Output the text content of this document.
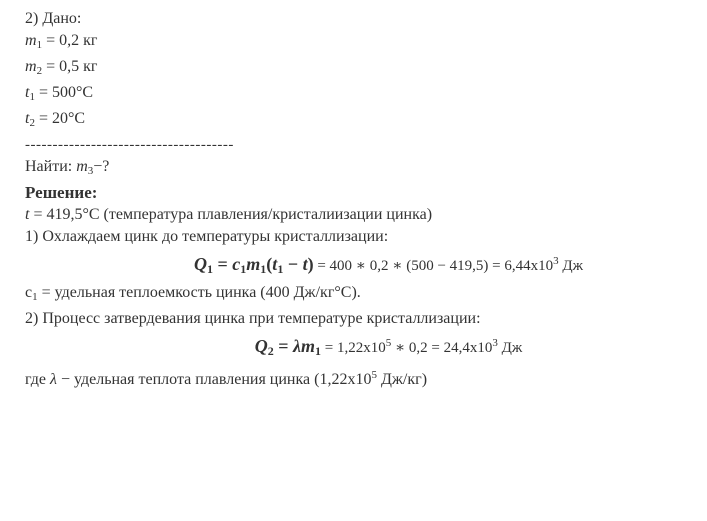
2) Дано:

$m_1 = 0,2$ кг

$m_2 = 0,5$ кг

$t_1 = 500^\circ C$

$t_2 = 20^\circ C$

--------------------------------------

Найти: $m_3-$?

Решение:

t = 419,5°C (температура плавления/кристалиизации цинка)

1) Охлаждаем цинк до температуры кристаллизации:

$Q_1 = c_1m_1(t_1 - t) = 400$ ∗ 0,2 ∗ $(500 - 419,5) = 6,44x10^3$ Дж

$c_1$ = удельная теплоемкость цинка (400 Дж/кг°С).

2) Процесс затвердевания цинка при температуре кристаллизации:

$Q_2 = \lambda m_1 = 1,22x10^5$ ∗ $0,2 = 24,4x10^3$ Дж

где λ − удельная теплота плавления цинка ($1,22x10^5$ Дж/кг)
